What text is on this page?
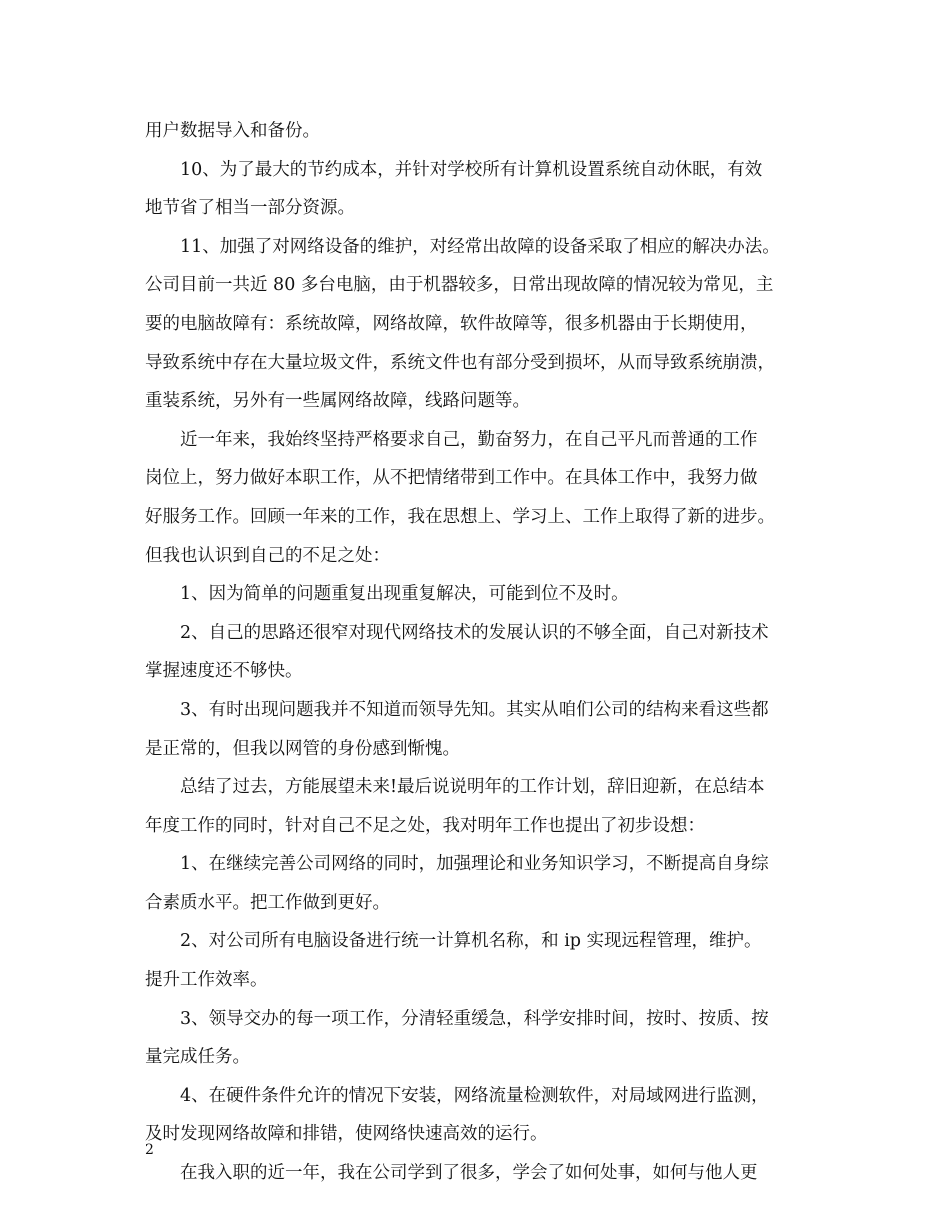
用户数据导入和备份。
10、为了最大的节约成本，并针对学校所有计算机设置系统自动休眠，有效
地节省了相当一部分资源。
11、加强了对网络设备的维护，对经常出故障的设备采取了相应的解决办法。
公司目前一共近 80 多台电脑，由于机器较多，日常出现故障的情况较为常见，主
要的电脑故障有：系统故障，网络故障，软件故障等，很多机器由于长期使用，
导致系统中存在大量垃圾文件，系统文件也有部分受到损坏，从而导致系统崩溃，
重装系统，另外有一些属网络故障，线路问题等。
近一年来，我始终坚持严格要求自己，勤奋努力，在自己平凡而普通的工作
岗位上，努力做好本职工作，从不把情绪带到工作中。在具体工作中，我努力做
好服务工作。回顾一年来的工作，我在思想上、学习上、工作上取得了新的进步。
但我也认识到自己的不足之处：
1、因为简单的问题重复出现重复解决，可能到位不及时。
2、自己的思路还很窄对现代网络技术的发展认识的不够全面，自己对新技术
掌握速度还不够快。
3、有时出现问题我并不知道而领导先知。其实从咱们公司的结构来看这些都
是正常的，但我以网管的身份感到惭愧。
总结了过去，方能展望未来!最后说说明年的工作计划，辞旧迎新，在总结本
年度工作的同时，针对自己不足之处，我对明年工作也提出了初步设想：
1、在继续完善公司网络的同时，加强理论和业务知识学习，不断提高自身综
合素质水平。把工作做到更好。
2、对公司所有电脑设备进行统一计算机名称，和 ip 实现远程管理，维护。
提升工作效率。
3、领导交办的每一项工作，分清轻重缓急，科学安排时间，按时、按质、按
量完成任务。
4、在硬件条件允许的情况下安装，网络流量检测软件，对局域网进行监测，
及时发现网络故障和排错，使网络快速高效的运行。
在我入职的近一年，我在公司学到了很多，学会了如何处事，如何与他人更
2
